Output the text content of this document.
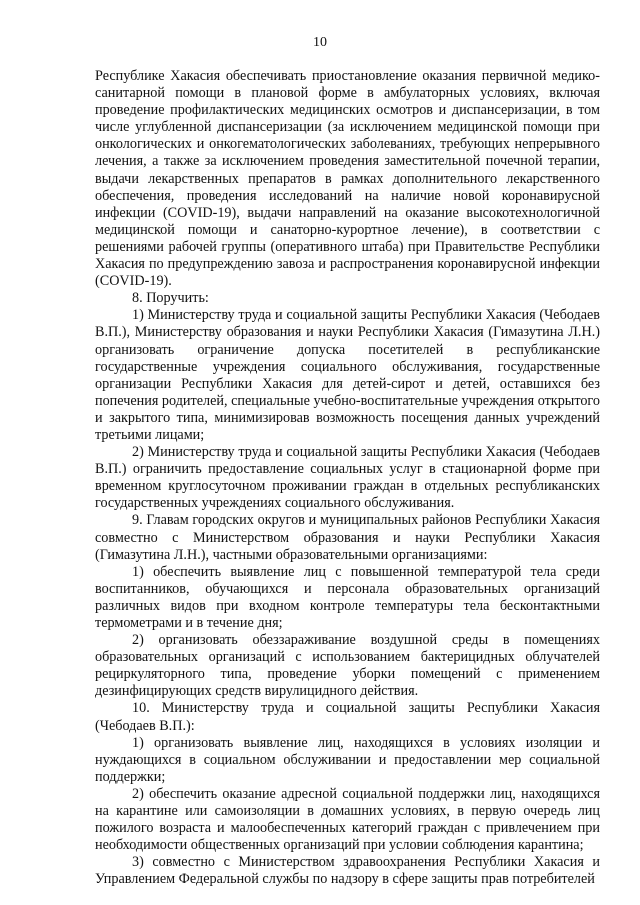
10

Республике Хакасия обеспечивать приостановление оказания первичной медико-санитарной помощи в плановой форме в амбулаторных условиях, включая проведение профилактических медицинских осмотров и диспансеризации, в том числе углубленной диспансеризации (за исключением медицинской помощи при онкологических и онкогематологических заболеваниях, требующих непрерывного лечения, а также за исключением проведения заместительной почечной терапии, выдачи лекарственных препаратов в рамках дополнительного лекарственного обеспечения, проведения исследований на наличие новой коронавирусной инфекции (COVID-19), выдачи направлений на оказание высокотехнологичной медицинской помощи и санаторно-курортное лечение), в соответствии с решениями рабочей группы (оперативного штаба) при Правительстве Республики Хакасия по предупреждению завоза и распространения коронавирусной инфекции (COVID-19).

8. Поручить:

1) Министерству труда и социальной защиты Республики Хакасия (Чебодаев В.П.), Министерству образования и науки Республики Хакасия (Гимазутина Л.Н.) организовать ограничение допуска посетителей в республиканские государственные учреждения социального обслуживания, государственные организации Республики Хакасия для детей-сирот и детей, оставшихся без попечения родителей, специальные учебно-воспитательные учреждения открытого и закрытого типа, минимизировав возможность посещения данных учреждений третьими лицами;

2) Министерству труда и социальной защиты Республики Хакасия (Чебодаев В.П.) ограничить предоставление социальных услуг в стационарной форме при временном круглосуточном проживании граждан в отдельных республиканских государственных учреждениях социального обслуживания.

9. Главам городских округов и муниципальных районов Республики Хакасия совместно с Министерством образования и науки Республики Хакасия (Гимазутина Л.Н.), частными образовательными организациями:

1) обеспечить выявление лиц с повышенной температурой тела среди воспитанников, обучающихся и персонала образовательных организаций различных видов при входном контроле температуры тела бесконтактными термометрами и в течение дня;

2) организовать обеззараживание воздушной среды в помещениях образовательных организаций с использованием бактерицидных облучателей рециркуляторного типа, проведение уборки помещений с применением дезинфицирующих средств вирулицидного действия.

10. Министерству труда и социальной защиты Республики Хакасия (Чебодаев В.П.):

1) организовать выявление лиц, находящихся в условиях изоляции и нуждающихся в социальном обслуживании и предоставлении мер социальной поддержки;

2) обеспечить оказание адресной социальной поддержки лиц, находящихся на карантине или самоизоляции в домашних условиях, в первую очередь лиц пожилого возраста и малообеспеченных категорий граждан с привлечением при необходимости общественных организаций при условии соблюдения карантина;

3) совместно с Министерством здравоохранения Республики Хакасия и Управлением Федеральной службы по надзору в сфере защиты прав потребителей
